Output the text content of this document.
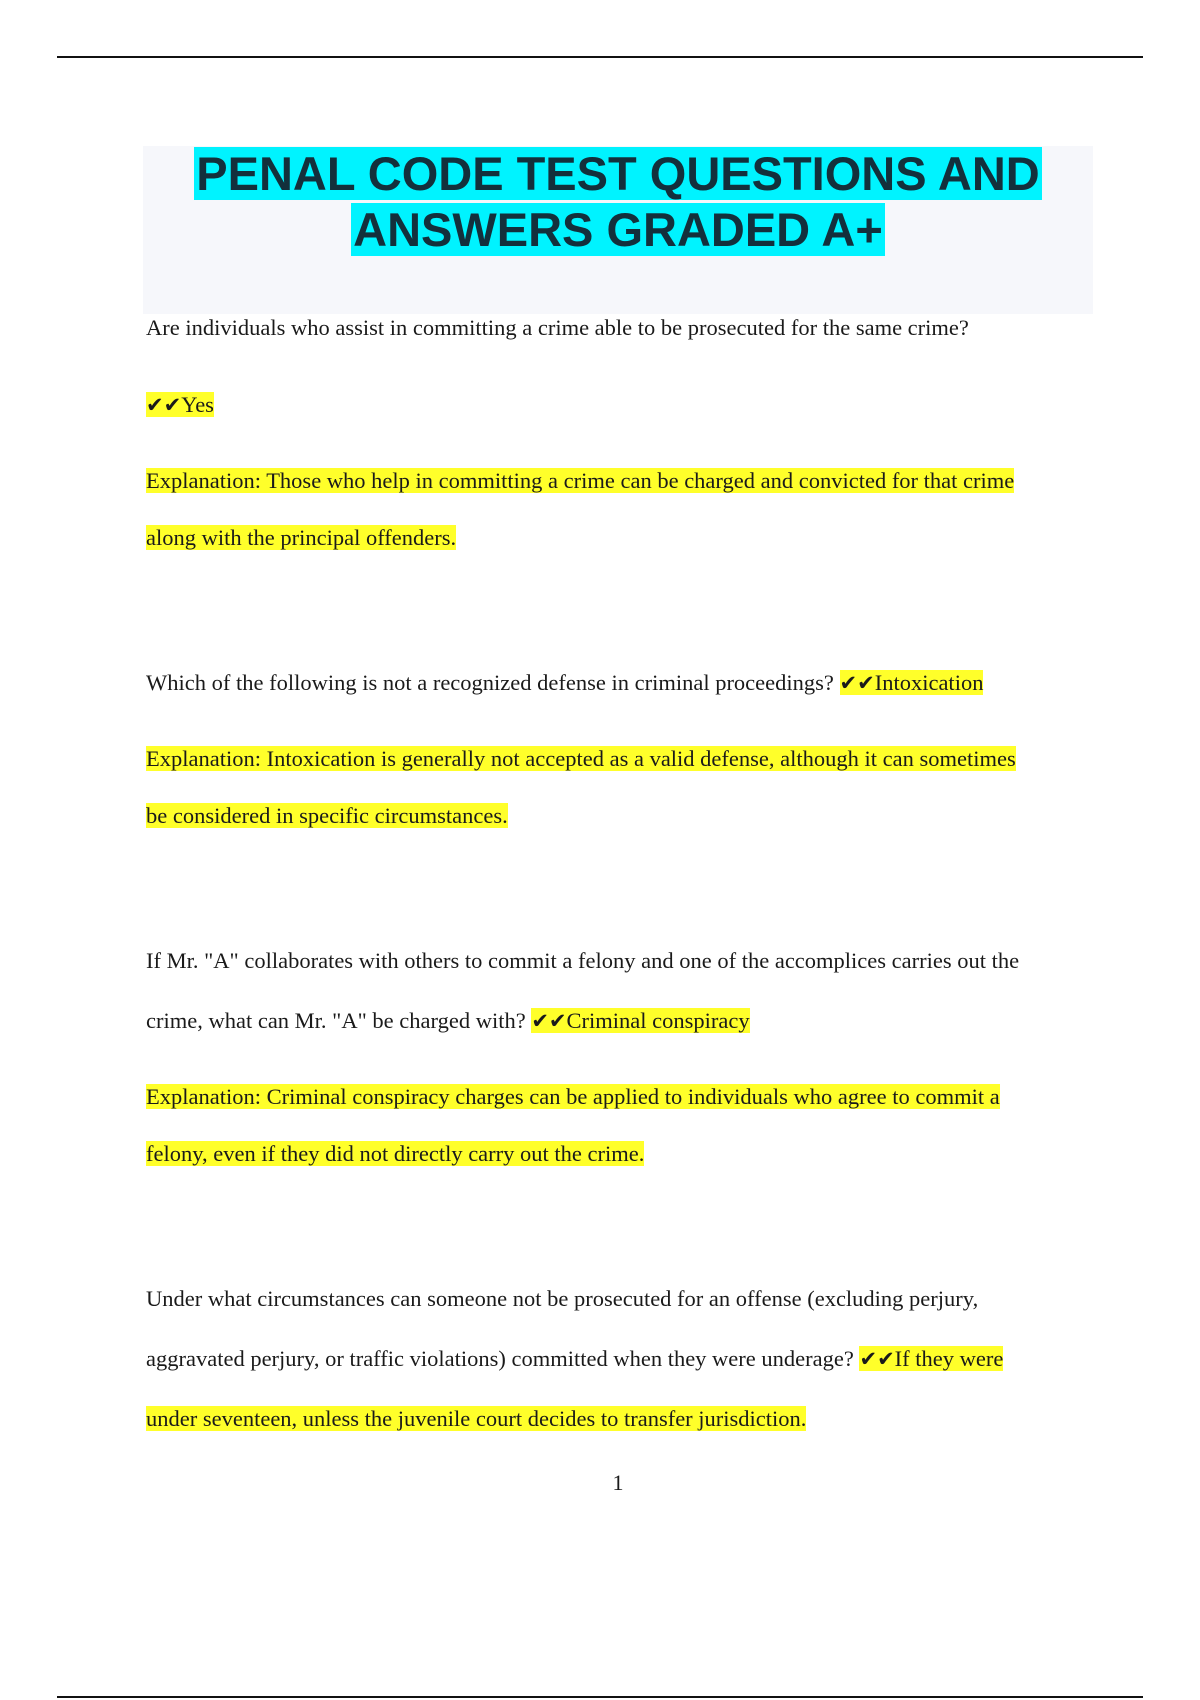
PENAL CODE TEST QUESTIONS AND
ANSWERS GRADED A+

Are individuals who assist in committing a crime able to be prosecuted for the same crime?

✔✔Yes

Explanation: Those who help in committing a crime can be charged and convicted for that crime
along with the principal offenders.

Which of the following is not a recognized defense in criminal proceedings? ✔✔Intoxication

Explanation: Intoxication is generally not accepted as a valid defense, although it can sometimes
be considered in specific circumstances.

If Mr. "A" collaborates with others to commit a felony and one of the accomplices carries out the
crime, what can Mr. "A" be charged with? ✔✔Criminal conspiracy

Explanation: Criminal conspiracy charges can be applied to individuals who agree to commit a
felony, even if they did not directly carry out the crime.

Under what circumstances can someone not be prosecuted for an offense (excluding perjury,
aggravated perjury, or traffic violations) committed when they were underage? ✔✔If they were
under seventeen, unless the juvenile court decides to transfer jurisdiction.

1
